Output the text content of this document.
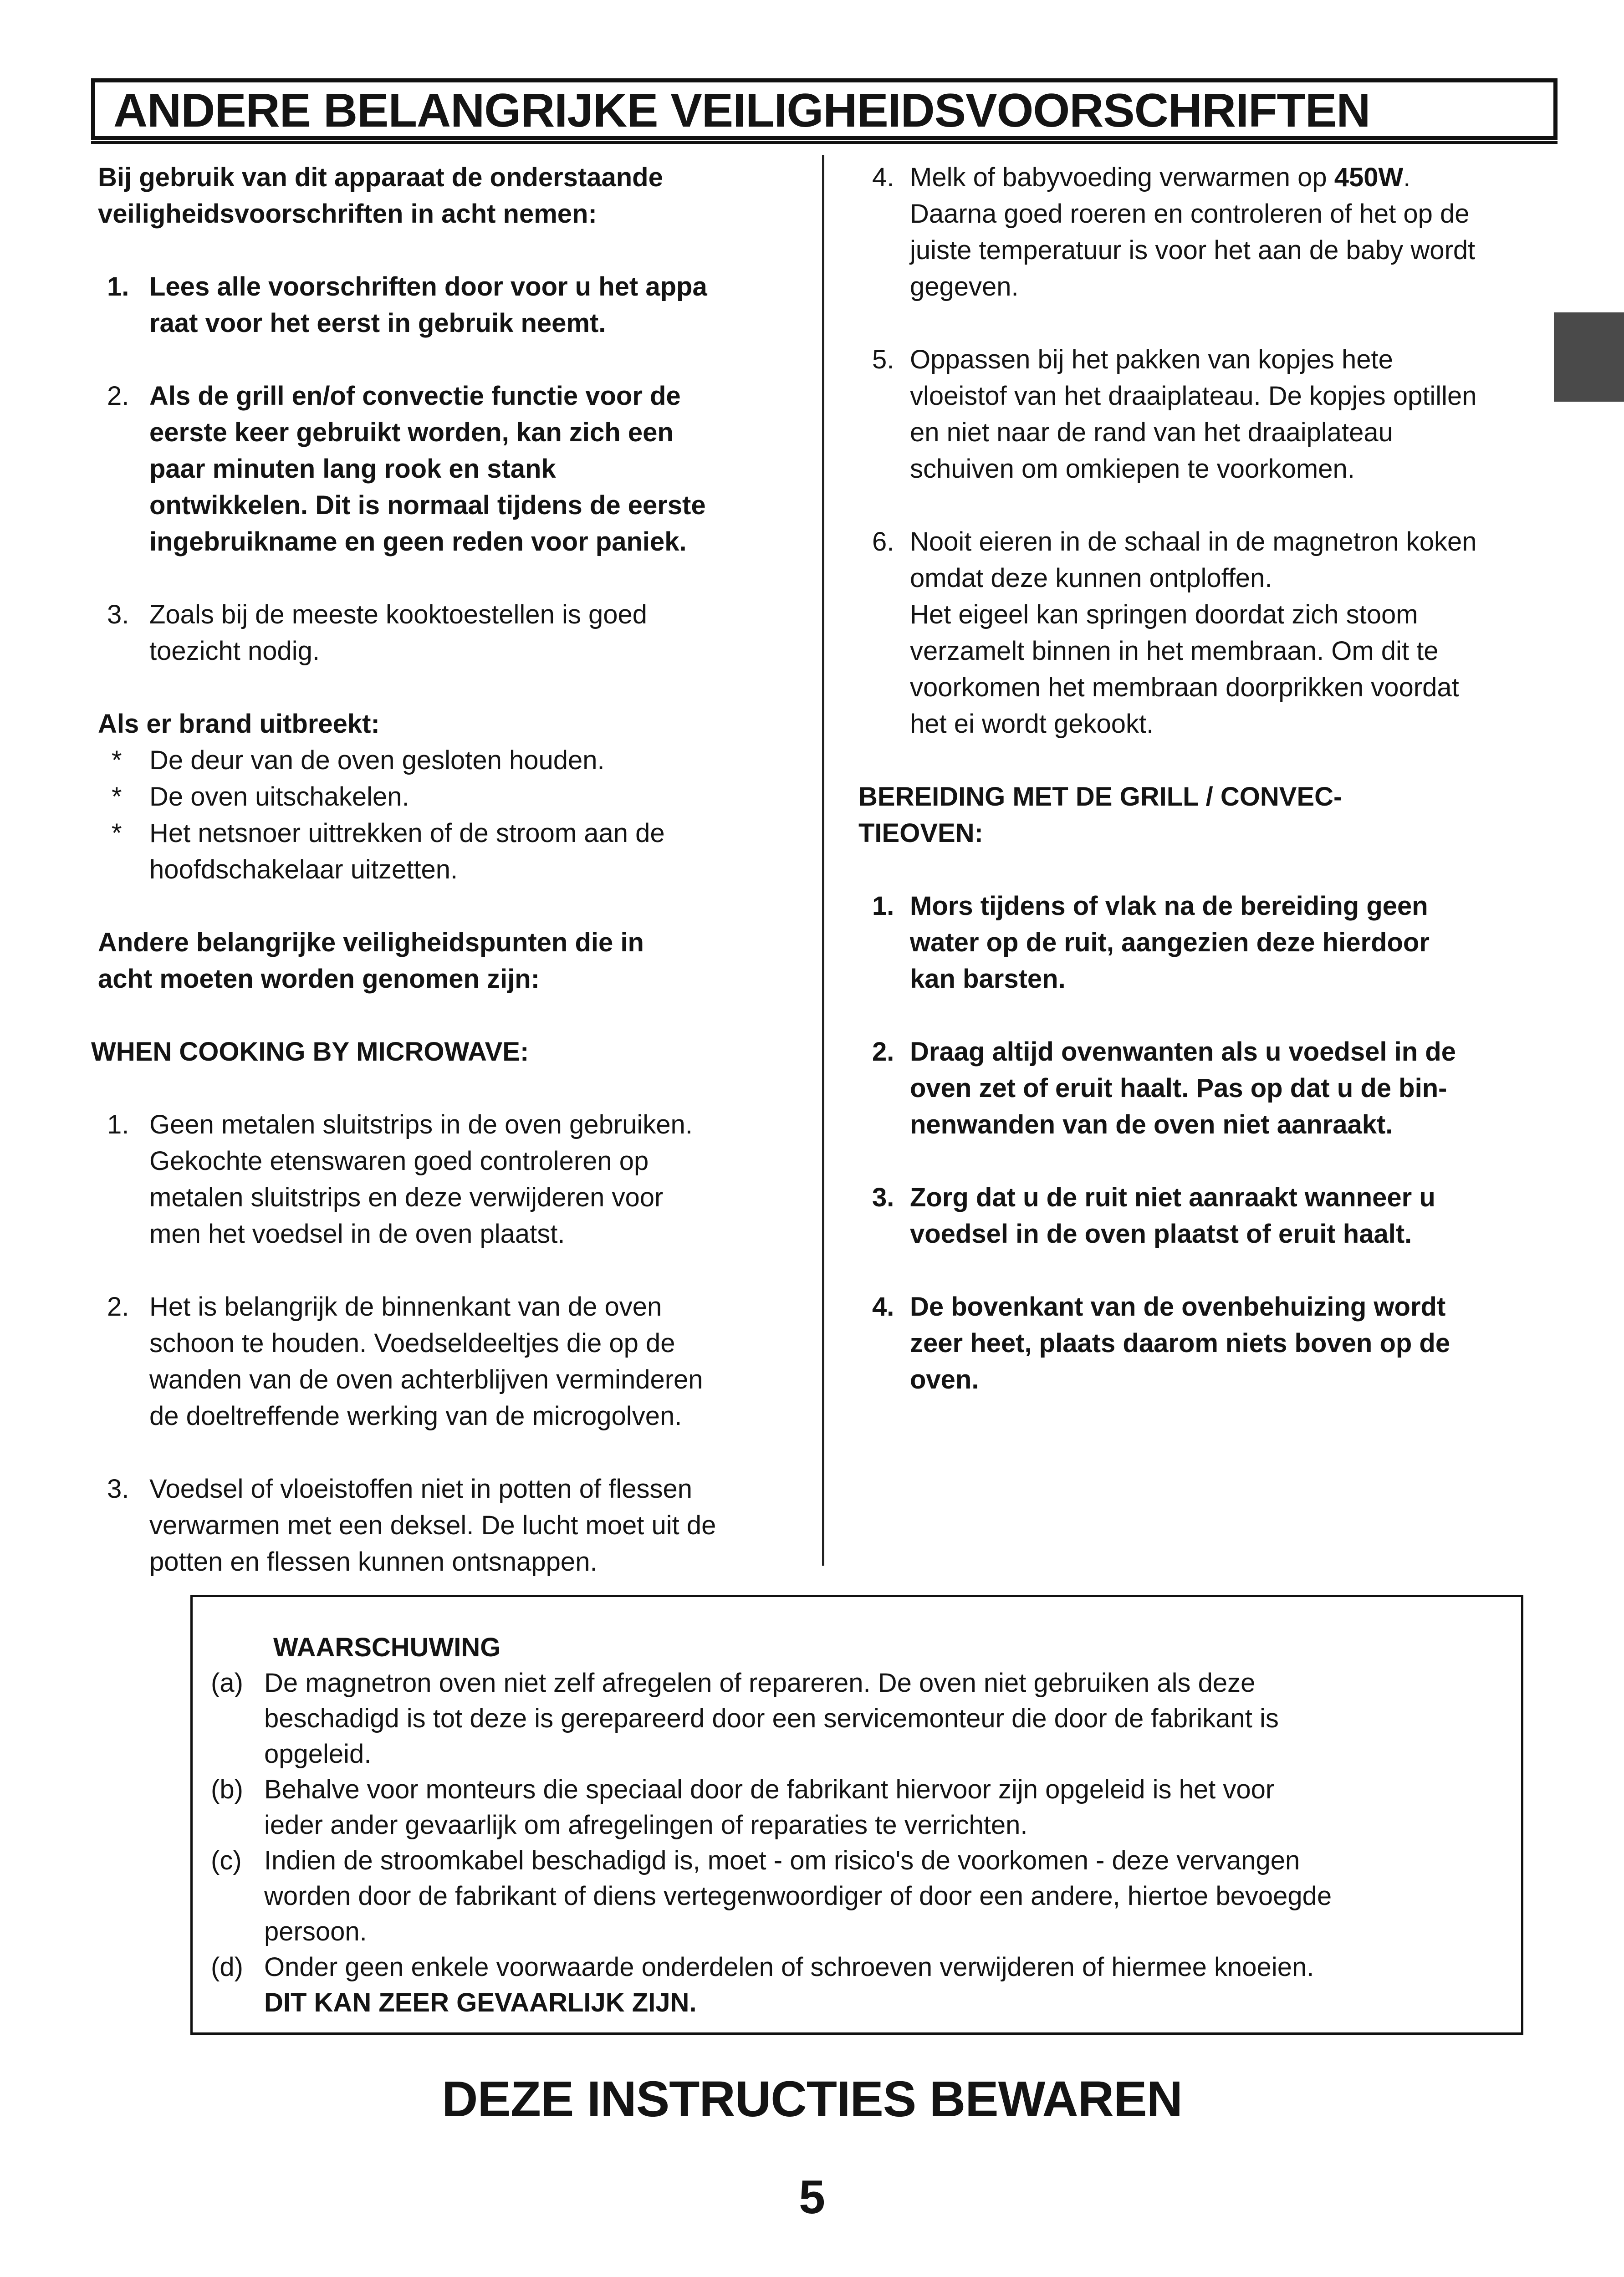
ANDERE BELANGRIJKE VEILIGHEIDSVOORSCHRIFTEN

Bij gebruik van dit apparaat de onderstaande
veiligheidsvoorschriften in acht nemen:

1. Lees alle voorschriften door voor u het appa
raat voor het eerst in gebruik neemt.
2. Als de grill en/of convectie functie voor de
eerste keer gebruikt worden, kan zich een
paar minuten lang rook en stank
ontwikkelen. Dit is normaal tijdens de eerste
ingebruikname en geen reden voor paniek.
3. Zoals bij de meeste kooktoestellen is goed
toezicht nodig.

Als er brand uitbreekt:

* De deur van de oven gesloten houden.
* De oven uitschakelen.
* Het netsnoer uittrekken of de stroom aan de
hoofdschakelaar uitzetten.

Andere belangrijke veiligheidspunten die in
acht moeten worden genomen zijn:

WHEN COOKING BY MICROWAVE:

1. Geen metalen sluitstrips in de oven gebruiken.
Gekochte etenswaren goed controleren op
metalen sluitstrips en deze verwijderen voor
men het voedsel in de oven plaatst.
2. Het is belangrijk de binnenkant van de oven
schoon te houden. Voedseldeeltjes die op de
wanden van de oven achterblijven verminderen
de doeltreffende werking van de microgolven.
3. Voedsel of vloeistoffen niet in potten of flessen
verwarmen met een deksel. De lucht moet uit de
potten en flessen kunnen ontsnappen.
4. Melk of babyvoeding verwarmen op 450W.
Daarna goed roeren en controleren of het op de
juiste temperatuur is voor het aan de baby wordt
gegeven.
5. Oppassen bij het pakken van kopjes hete
vloeistof van het draaiplateau. De kopjes optillen
en niet naar de rand van het draaiplateau
schuiven om omkiepen te voorkomen.
6. Nooit eieren in de schaal in de magnetron koken
omdat deze kunnen ontploffen.
Het eigeel kan springen doordat zich stoom
verzamelt binnen in het membraan. Om dit te
voorkomen het membraan doorprikken voordat
het ei wordt gekookt.

BEREIDING MET DE GRILL / CONVEC-
TIEOVEN:

1. Mors tijdens of vlak na de bereiding geen
water op de ruit, aangezien deze hierdoor
kan barsten.
2. Draag altijd ovenwanten als u voedsel in de
oven zet of eruit haalt. Pas op dat u de bin-
nenwanden van de oven niet aanraakt.
3. Zorg dat u de ruit niet aanraakt wanneer u
voedsel in de oven plaatst of eruit haalt.
4. De bovenkant van de ovenbehuizing wordt
zeer heet, plaats daarom niets boven op de
oven.
WAARSCHUWING
(a) De magnetron oven niet zelf afregelen of repareren. De oven niet gebruiken als deze
beschadigd is tot deze is gerepareerd door een servicemonteur die door de fabrikant is
opgeleid.
(b) Behalve voor monteurs die speciaal door de fabrikant hiervoor zijn opgeleid is het voor
ieder ander gevaarlijk om afregelingen of reparaties te verrichten.
(c) Indien de stroomkabel beschadigd is, moet - om risico's de voorkomen - deze vervangen
worden door de fabrikant of diens vertegenwoordiger of door een andere, hiertoe bevoegde
persoon.
(d) Onder geen enkele voorwaarde onderdelen of schroeven verwijderen of hiermee knoeien.
DIT KAN ZEER GEVAARLIJK ZIJN.
DEZE INSTRUCTIES BEWAREN
5
